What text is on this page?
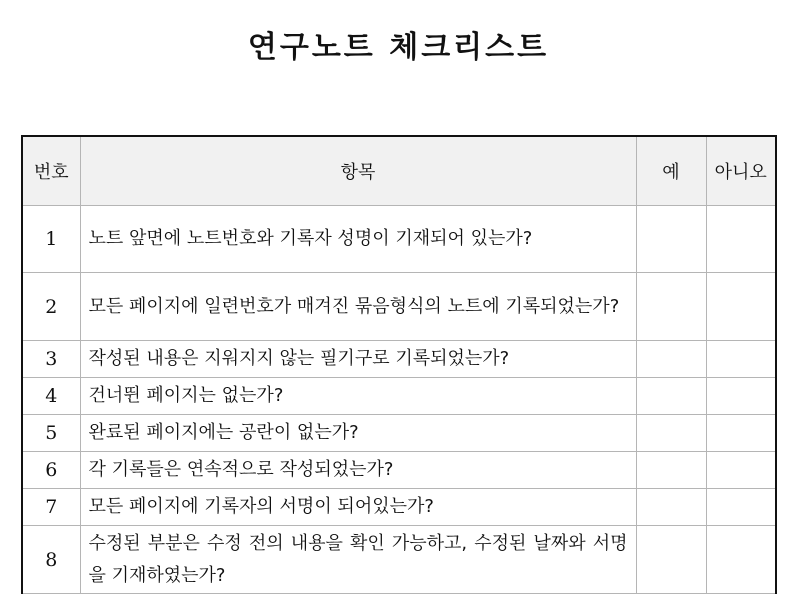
연구노트 체크리스트
번호	항목	예	아니오
1	노트 앞면에 노트번호와 기록자 성명이 기재되어 있는가?		
2	모든 페이지에 일련번호가 매겨진 묶음형식의 노트에 기록되었는가?		
3	작성된 내용은 지워지지 않는 필기구로 기록되었는가?		
4	건너뛴 페이지는 없는가?		
5	완료된 페이지에는 공란이 없는가?		
6	각 기록들은 연속적으로 작성되었는가?		
7	모든 페이지에 기록자의 서명이 되어있는가?		
8	수정된 부분은 수정 전의 내용을 확인 가능하고, 수정된 날짜와 서명을 기재하였는가?		
